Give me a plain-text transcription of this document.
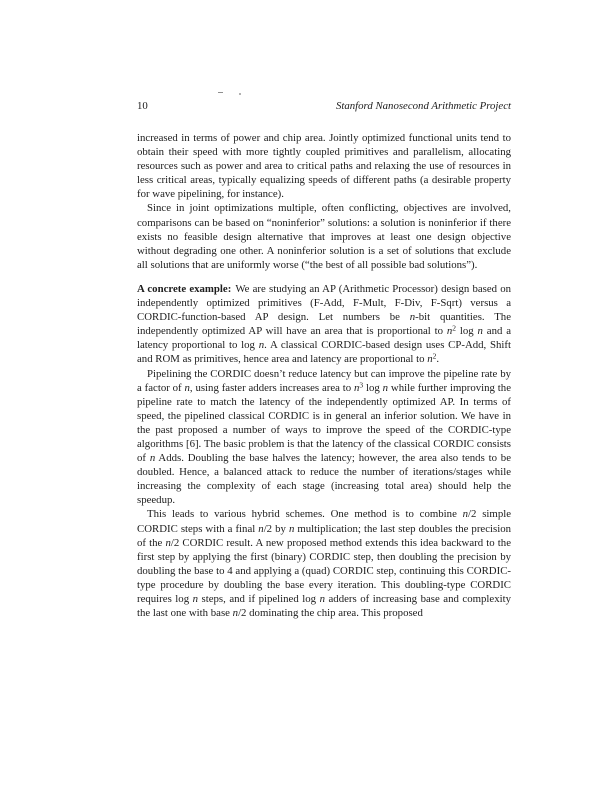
10	Stanford Nanosecond Arithmetic Project

increased in terms of power and chip area. Jointly optimized functional units tend to obtain their speed with more tightly coupled primitives and parallelism, allocating resources such as power and area to critical paths and relaxing the use of resources in less critical areas, typically equalizing speeds of different paths (a desirable property for wave pipelining, for instance).

Since in joint optimizations multiple, often conflicting, objectives are involved, comparisons can be based on “noninferior” solutions: a solution is noninferior if there exists no feasible design alternative that improves at least one design objective without degrading one other. A noninferior solution is a set of solutions that exclude all solutions that are uniformly worse (“the best of all possible bad solutions”).

A concrete example: We are studying an AP (Arithmetic Processor) design based on independently optimized primitives (F-Add, F-Mult, F-Div, F-Sqrt) versus a CORDIC-function-based AP design. Let numbers be n-bit quantities. The independently optimized AP will have an area that is proportional to $n^2$ log n and a latency proportional to log n. A classical CORDIC-based design uses CP-Add, Shift and ROM as primitives, hence area and latency are proportional to $n^2$.

Pipelining the CORDIC doesn’t reduce latency but can improve the pipeline rate by a factor of n, using faster adders increases area to $n^3$ log n while further improving the pipeline rate to match the latency of the independently optimized AP. In terms of speed, the pipelined classical CORDIC is in general an inferior solution. We have in the past proposed a number of ways to improve the speed of the CORDIC-type algorithms [6]. The basic problem is that the latency of the classical CORDIC consists of n Adds. Doubling the base halves the latency; however, the area also tends to be doubled. Hence, a balanced attack to reduce the number of iterations/stages while increasing the complexity of each stage (increasing total area) should help the speedup.

This leads to various hybrid schemes. One method is to combine n/2 simple CORDIC steps with a final n/2 by n multiplication; the last step doubles the precision of the n/2 CORDIC result. A new proposed method extends this idea backward to the first step by applying the first (binary) CORDIC step, then doubling the precision by doubling the base to 4 and applying a (quad) CORDIC step, continuing this CORDIC-type procedure by doubling the base every iteration. This doubling-type CORDIC requires log n steps, and if pipelined log n adders of increasing base and complexity the last one with base n/2 dominating the chip area. This proposed
